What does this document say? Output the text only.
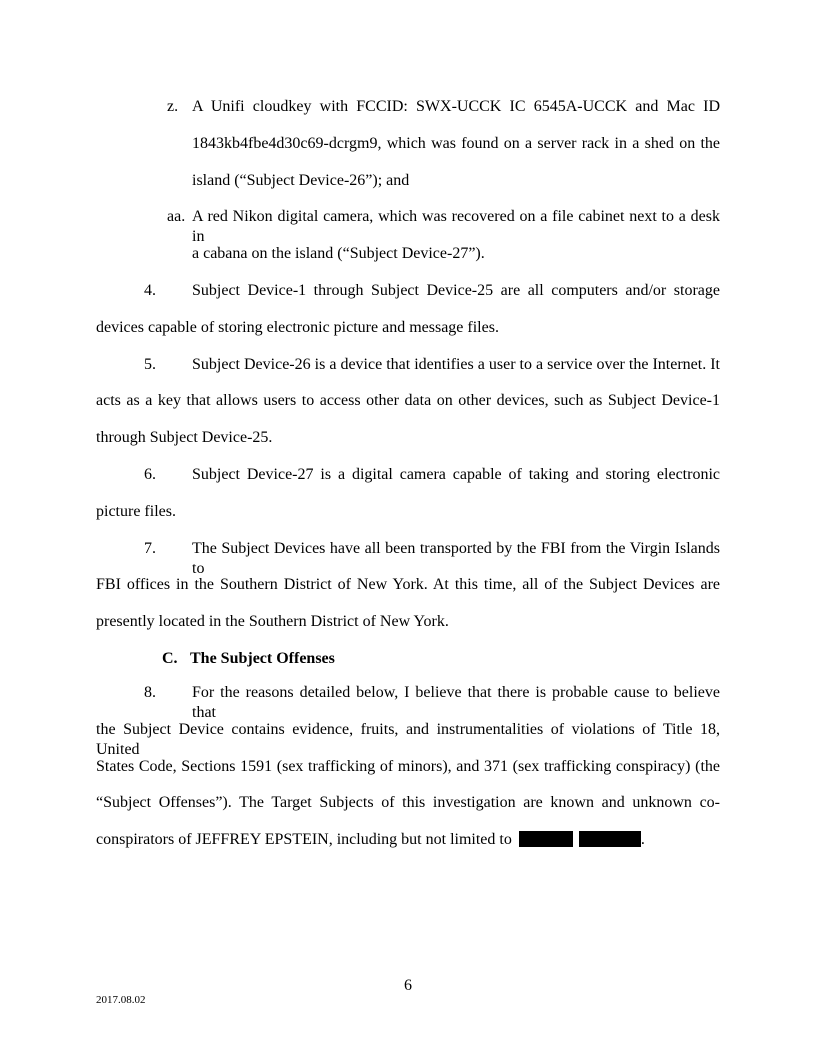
z. A Unifi cloudkey with FCCID: SWX-UCCK IC 6545A-UCCK and Mac ID
1843kb4fbe4d30c69-dcrgm9, which was found on a server rack in a shed on the
island (“Subject Device-26”); and
aa. A red Nikon digital camera, which was recovered on a file cabinet next to a desk in
a cabana on the island (“Subject Device-27”).
4. Subject Device-1 through Subject Device-25 are all computers and/or storage
devices capable of storing electronic picture and message files.
5. Subject Device-26 is a device that identifies a user to a service over the Internet. It
acts as a key that allows users to access other data on other devices, such as Subject Device-1
through Subject Device-25.
6. Subject Device-27 is a digital camera capable of taking and storing electronic
picture files.
7. The Subject Devices have all been transported by the FBI from the Virgin Islands to
FBI offices in the Southern District of New York. At this time, all of the Subject Devices are
presently located in the Southern District of New York.
C. The Subject Offenses
8. For the reasons detailed below, I believe that there is probable cause to believe that
the Subject Device contains evidence, fruits, and instrumentalities of violations of Title 18, United
States Code, Sections 1591 (sex trafficking of minors), and 371 (sex trafficking conspiracy) (the
“Subject Offenses”). The Target Subjects of this investigation are known and unknown co-
conspirators of JEFFREY EPSTEIN, including but not limited to	.
6
2017.08.02
